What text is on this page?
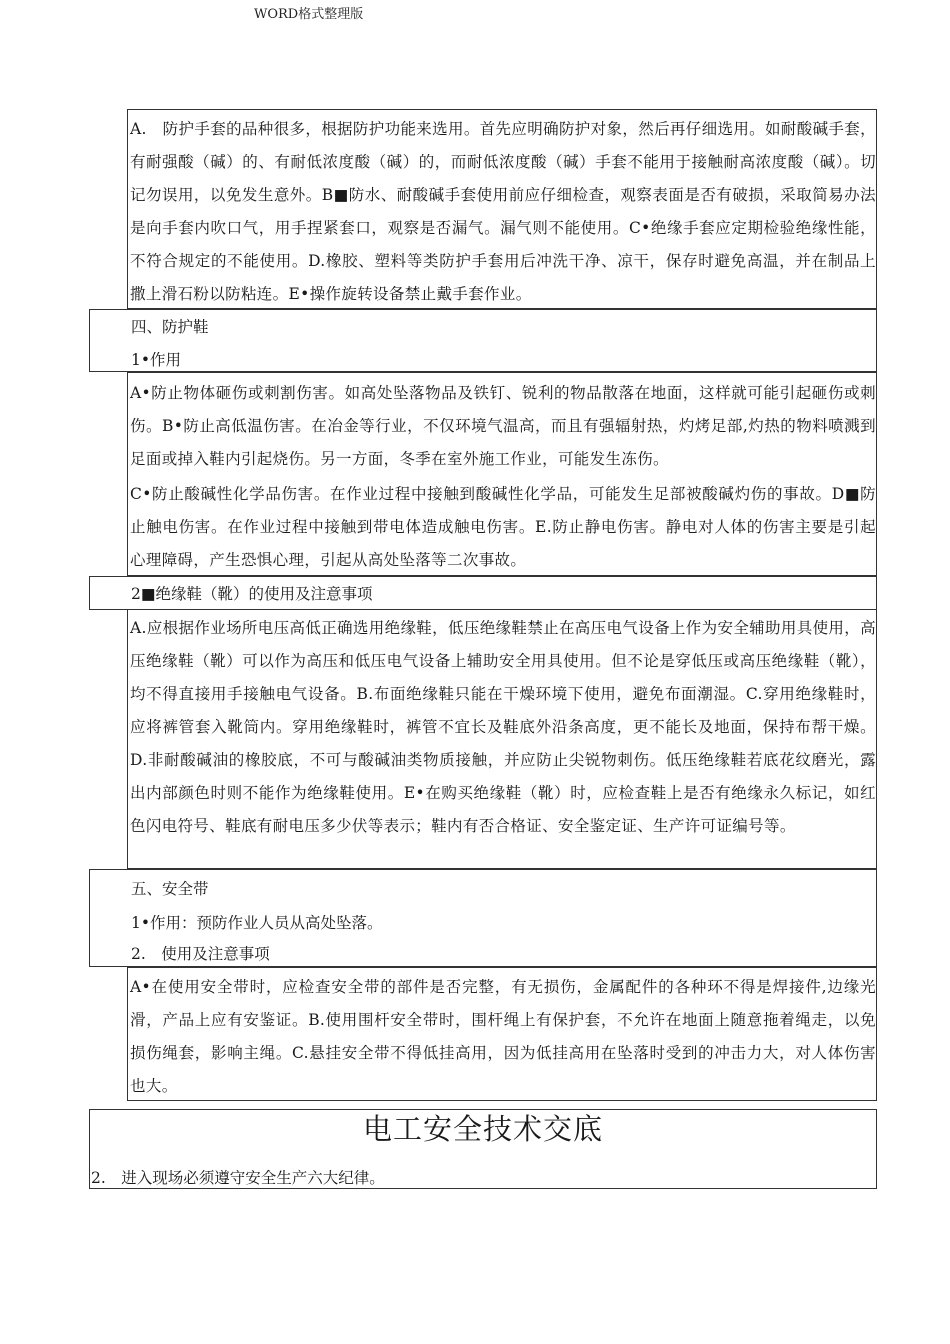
WORD格式整理版

A.　防护手套的品种很多，根据防护功能来选用。首先应明确防护对象，然后再仔细选用。如耐酸碱手套，有耐强酸（碱）的、有耐低浓度酸（碱）的，而耐低浓度酸（碱）手套不能用于接触耐高浓度酸（碱）。切记勿误用，以免发生意外。B■防水、耐酸碱手套使用前应仔细检查，观察表面是否有破损，采取简易办法是向手套内吹口气，用手捏紧套口，观察是否漏气。漏气则不能使用。C•绝缘手套应定期检验绝缘性能，不符合规定的不能使用。D.橡胶、塑料等类防护手套用后冲洗干净、凉干，保存时避免高温，并在制品上撒上滑石粉以防粘连。E•操作旋转设备禁止戴手套作业。

四、防护鞋
1•作用

A•防止物体砸伤或刺割伤害。如高处坠落物品及铁钉、锐利的物品散落在地面，这样就可能引起砸伤或刺伤。B•防止高低温伤害。在冶金等行业，不仅环境气温高，而且有强辐射热，灼烤足部,灼热的物料喷溅到足面或掉入鞋内引起烧伤。另一方面，冬季在室外施工作业，可能发生冻伤。

C•防止酸碱性化学品伤害。在作业过程中接触到酸碱性化学品，可能发生足部被酸碱灼伤的事故。D■防止触电伤害。在作业过程中接触到带电体造成触电伤害。E.防止静电伤害。静电对人体的伤害主要是引起心理障碍，产生恐惧心理，引起从高处坠落等二次事故。

2■绝缘鞋（靴）的使用及注意事项

A.应根据作业场所电压高低正确选用绝缘鞋，低压绝缘鞋禁止在高压电气设备上作为安全辅助用具使用，高压绝缘鞋（靴）可以作为高压和低压电气设备上辅助安全用具使用。但不论是穿低压或高压绝缘鞋（靴），均不得直接用手接触电气设备。B.布面绝缘鞋只能在干燥环境下使用，避免布面潮湿。C.穿用绝缘鞋时，应将裤管套入靴筒内。穿用绝缘鞋时，裤管不宜长及鞋底外沿条高度，更不能长及地面，保持布帮干燥。D.非耐酸碱油的橡胶底，不可与酸碱油类物质接触，并应防止尖锐物刺伤。低压绝缘鞋若底花纹磨光，露出内部颜色时则不能作为绝缘鞋使用。E•在购买绝缘鞋（靴）时，应检查鞋上是否有绝缘永久标记，如红色闪电符号、鞋底有耐电压多少伏等表示；鞋内有否合格证、安全鉴定证、生产许可证编号等。

五、安全带
1•作用：预防作业人员从高处坠落。
2.　使用及注意事项

A•在使用安全带时，应检查安全带的部件是否完整，有无损伤，金属配件的各种环不得是焊接件,边缘光滑，产品上应有安鉴证。B.使用围杆安全带时，围杆绳上有保护套，不允许在地面上随意拖着绳走，以免损伤绳套，影响主绳。C.悬挂安全带不得低挂高用，因为低挂高用在坠落时受到的冲击力大，对人体伤害也大。

电工安全技术交底
2.　进入现场必须遵守安全生产六大纪律。
